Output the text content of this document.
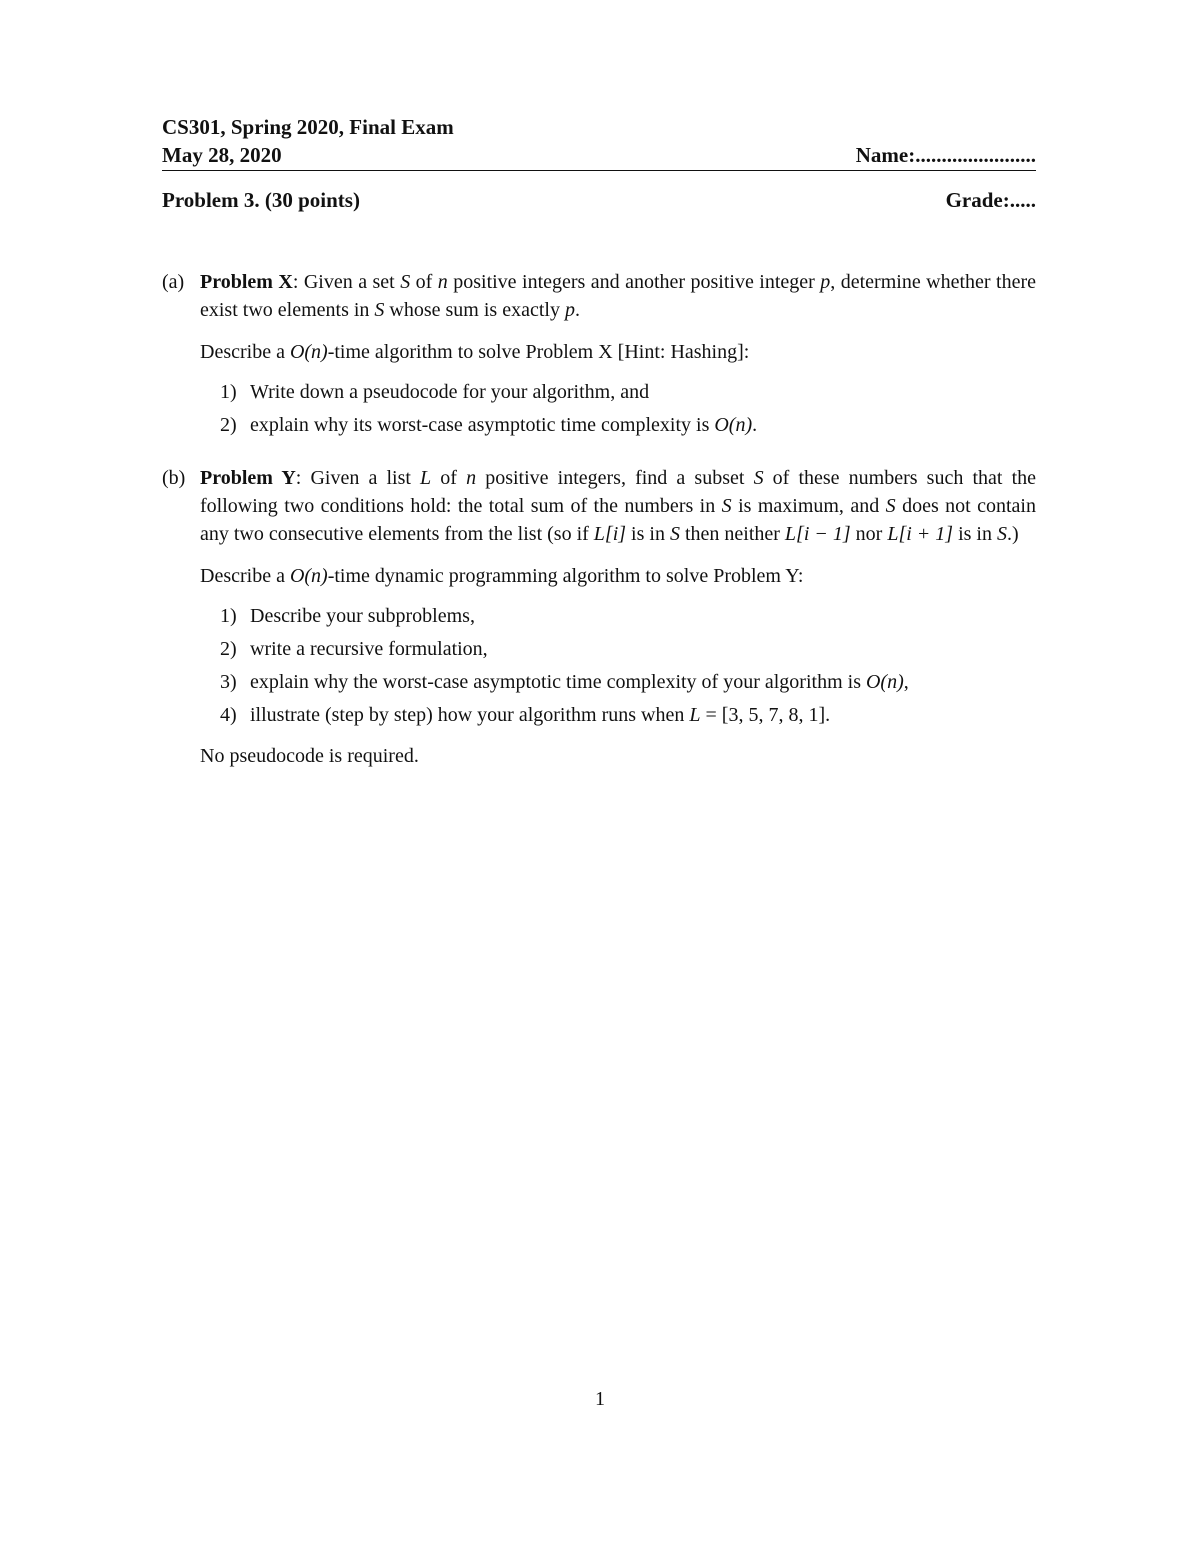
CS301, Spring 2020, Final Exam
May 28, 2020	Name:.......................
Problem 3. (30 points)	Grade:.....
(a) Problem X: Given a set S of n positive integers and another positive integer p, determine whether there exist two elements in S whose sum is exactly p.

Describe a O(n)-time algorithm to solve Problem X [Hint: Hashing]:

1) Write down a pseudocode for your algorithm, and
2) explain why its worst-case asymptotic time complexity is O(n).
(b) Problem Y: Given a list L of n positive integers, find a subset S of these numbers such that the following two conditions hold: the total sum of the numbers in S is maximum, and S does not contain any two consecutive elements from the list (so if L[i] is in S then neither L[i − 1] nor L[i + 1] is in S.)

Describe a O(n)-time dynamic programming algorithm to solve Problem Y:

1) Describe your subproblems,
2) write a recursive formulation,
3) explain why the worst-case asymptotic time complexity of your algorithm is O(n),
4) illustrate (step by step) how your algorithm runs when L = [3, 5, 7, 8, 1].

No pseudocode is required.

1
